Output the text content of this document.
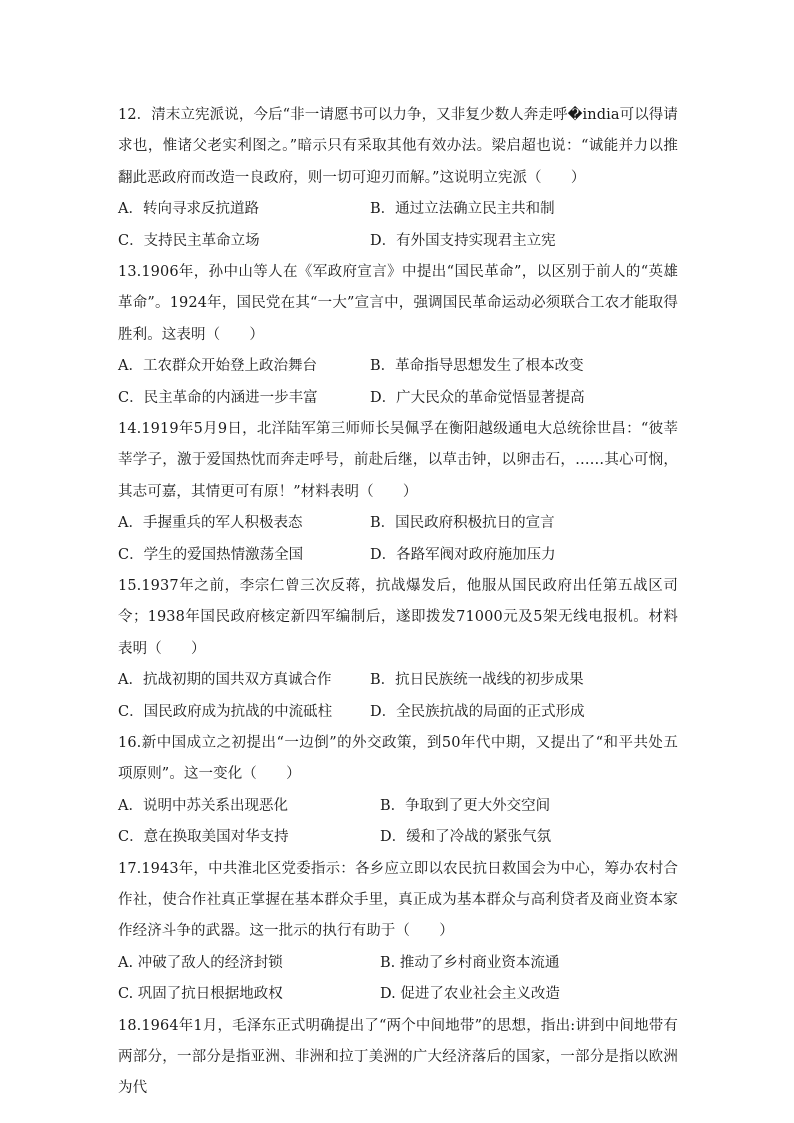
12．清末立宪派说，今后“非一请愿书可以力争，又非复少数人奔走呼�india可以得请求也，惟诸父老实利图之。”暗示只有采取其他有效办法。梁启超也说：“诚能并力以推翻此恶政府而改造一良政府，则一切可迎刃而解。”这说明立宪派（　　）

A．转向寻求反抗道路	B．通过立法确立民主共和制
C．支持民主革命立场	D．有外国支持实现君主立宪

13.1906年，孙中山等人在《军政府宣言》中提出“国民革命”，以区别于前人的“英雄革命”。1924年，国民党在其“一大”宣言中，强调国民革命运动必须联合工农才能取得胜利。这表明（　　）

A．工农群众开始登上政治舞台	B．革命指导思想发生了根本改变
C．民主革命的内涵进一步丰富	D．广大民众的革命觉悟显著提高

14.1919年5月9日，北洋陆军第三师师长吴佩孚在衡阳越级通电大总统徐世昌：“彼莘莘学子，激于爱国热忱而奔走呼号，前赴后继，以草击钟，以卵击石，……其心可悯，其志可嘉，其情更可有原！”材料表明（　　）

A．手握重兵的军人积极表态	B．国民政府积极抗日的宣言
C．学生的爱国热情激荡全国	D．各路军阀对政府施加压力

15.1937年之前，李宗仁曾三次反蒋，抗战爆发后，他服从国民政府出任第五战区司令；1938年国民政府核定新四军编制后，遂即拨发71000元及5架无线电报机。材料表明（　　）

A．抗战初期的国共双方真诚合作	B．抗日民族统一战线的初步成果
C．国民政府成为抗战的中流砥柱	D．全民族抗战的局面的正式形成

16.新中国成立之初提出“一边倒”的外交政策，到50年代中期，又提出了“和平共处五项原则”。这一变化（　　）

A．说明中苏关系出现恶化	B．争取到了更大外交空间
C．意在换取美国对华支持	D．缓和了冷战的紧张气氛

17.1943年，中共淮北区党委指示：各乡应立即以农民抗日救国会为中心，筹办农村合作社，使合作社真正掌握在基本群众手里，真正成为基本群众与高利贷者及商业资本家作经济斗争的武器。这一批示的执行有助于（　　）

A. 冲破了敌人的经济封锁	B. 推动了乡村商业资本流通
C. 巩固了抗日根据地政权	D. 促进了农业社会主义改造

18.1964年1月，毛泽东正式明确提出了“两个中间地带”的思想，指出:讲到中间地带有两部分，一部分是指亚洲、非洲和拉丁美洲的广大经济落后的国家，一部分是指以欧洲为代
